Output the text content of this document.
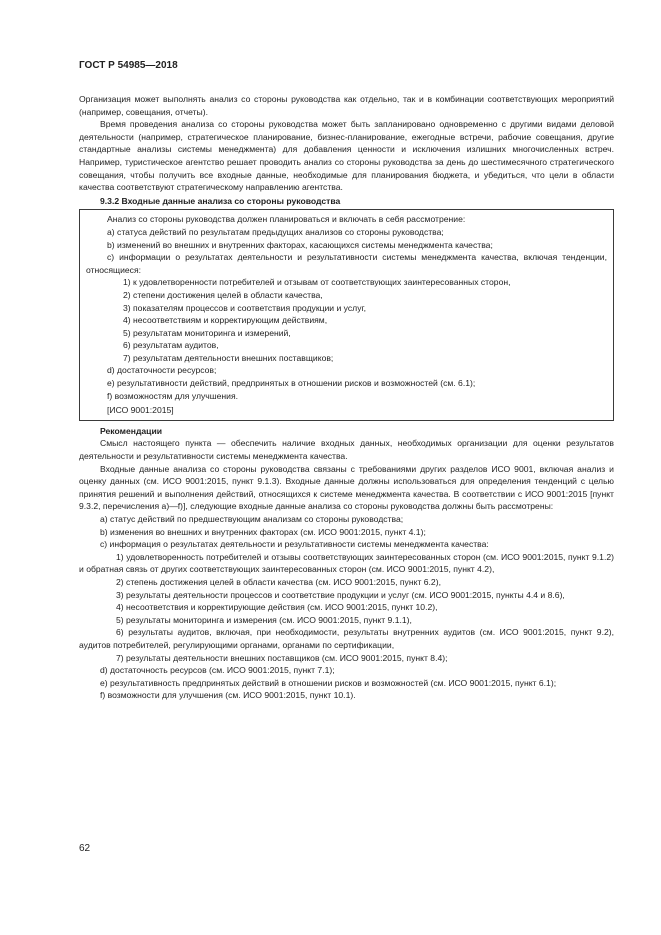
ГОСТ Р 54985—2018

Организация может выполнять анализ со стороны руководства как отдельно, так и в комбинации соответствующих мероприятий (например, совещания, отчеты).

Время проведения анализа со стороны руководства может быть запланировано одновременно с другими видами деловой деятельности (например, стратегическое планирование, бизнес-планирование, ежегодные встречи, рабочие совещания, другие стандартные анализы системы менеджмента) для добавления ценности и исключения излишних многочисленных встреч. Например, туристическое агентство решает проводить анализ со стороны руководства за день до шестимесячного стратегического совещания, чтобы получить все входные данные, необходимые для планирования бюджета, и убедиться, что цели в области качества соответствуют стратегическому направлению агентства.

9.3.2 Входные данные анализа со стороны руководства

Анализ со стороны руководства должен планироваться и включать в себя рассмотрение:

a) статуса действий по результатам предыдущих анализов со стороны руководства;

b) изменений во внешних и внутренних факторах, касающихся системы менеджмента качества;

c) информации о результатах деятельности и результативности системы менеджмента качества, включая тенденции, относящиеся:

1) к удовлетворенности потребителей и отзывам от соответствующих заинтересованных сторон,

2) степени достижения целей в области качества,

3) показателям процессов и соответствия продукции и услуг,

4) несоответствиям и корректирующим действиям,

5) результатам мониторинга и измерений,

6) результатам аудитов,

7) результатам деятельности внешних поставщиков;

d) достаточности ресурсов;

e) результативности действий, предпринятых в отношении рисков и возможностей (см. 6.1);

f) возможностям для улучшения.

[ИСО 9001:2015]

Рекомендации

Смысл настоящего пункта — обеспечить наличие входных данных, необходимых организации для оценки результатов деятельности и результативности системы менеджмента качества.

Входные данные анализа со стороны руководства связаны с требованиями других разделов ИСО 9001, включая анализ и оценку данных (см. ИСО 9001:2015, пункт 9.1.3). Входные данные должны использоваться для определения тенденций с целью принятия решений и выполнения действий, относящихся к системе менеджмента качества. В соответствии с ИСО 9001:2015 [пункт 9.3.2, перечисления a)—f)], следующие входные данные анализа со стороны руководства должны быть рассмотрены:

a) статус действий по предшествующим анализам со стороны руководства;

b) изменения во внешних и внутренних факторах (см. ИСО 9001:2015, пункт 4.1);

c) информация о результатах деятельности и результативности системы менеджмента качества:

1) удовлетворенность потребителей и отзывы соответствующих заинтересованных сторон (см. ИСО 9001:2015, пункт 9.1.2) и обратная связь от других соответствующих заинтересованных сторон (см. ИСО 9001:2015, пункт 4.2),

2) степень достижения целей в области качества (см. ИСО 9001:2015, пункт 6.2),

3) результаты деятельности процессов и соответствие продукции и услуг (см. ИСО 9001:2015, пункты 4.4 и 8.6),

4) несоответствия и корректирующие действия (см. ИСО 9001:2015, пункт 10.2),

5) результаты мониторинга и измерения (см. ИСО 9001:2015, пункт 9.1.1),

6) результаты аудитов, включая, при необходимости, результаты внутренних аудитов (см. ИСО 9001:2015, пункт 9.2), аудитов потребителей, регулирующими органами, органами по сертификации,

7) результаты деятельности внешних поставщиков (см. ИСО 9001:2015, пункт 8.4);

d) достаточность ресурсов (см. ИСО 9001:2015, пункт 7.1);

e) результативность предпринятых действий в отношении рисков и возможностей (см. ИСО 9001:2015, пункт 6.1);

f) возможности для улучшения (см. ИСО 9001:2015, пункт 10.1).

62
